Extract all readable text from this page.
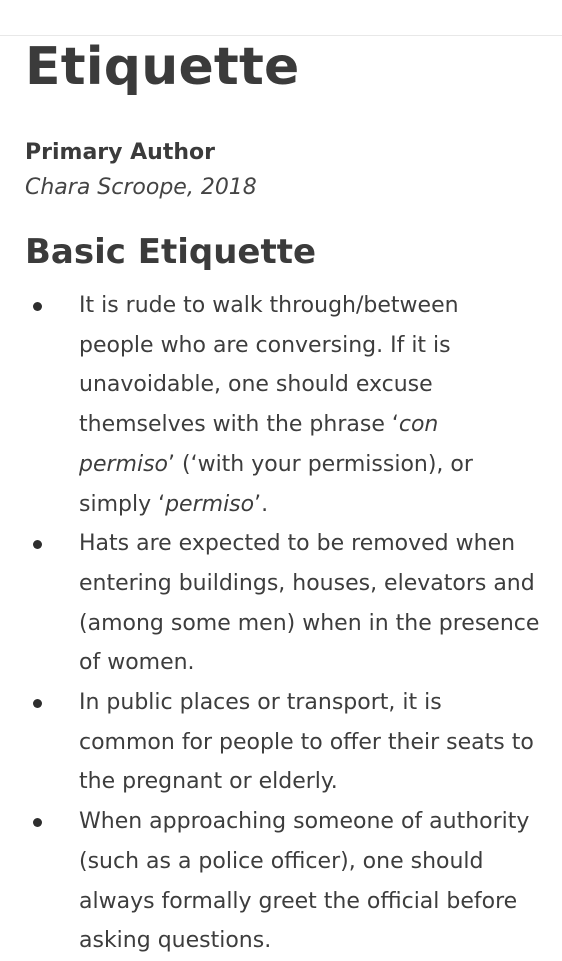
Etiquette

Primary Author

Chara Scroope, 2018

Basic Etiquette
It is rude to walk through/between people who are conversing. If it is unavoidable, one should excuse themselves with the phrase ‘con permiso’ (‘with your permission), or simply ‘permiso’.
Hats are expected to be removed when entering buildings, houses, elevators and (among some men) when in the presence of women.
In public places or transport, it is common for people to offer their seats to the pregnant or elderly.
When approaching someone of authority (such as a police officer), one should always formally greet the official before asking questions.
